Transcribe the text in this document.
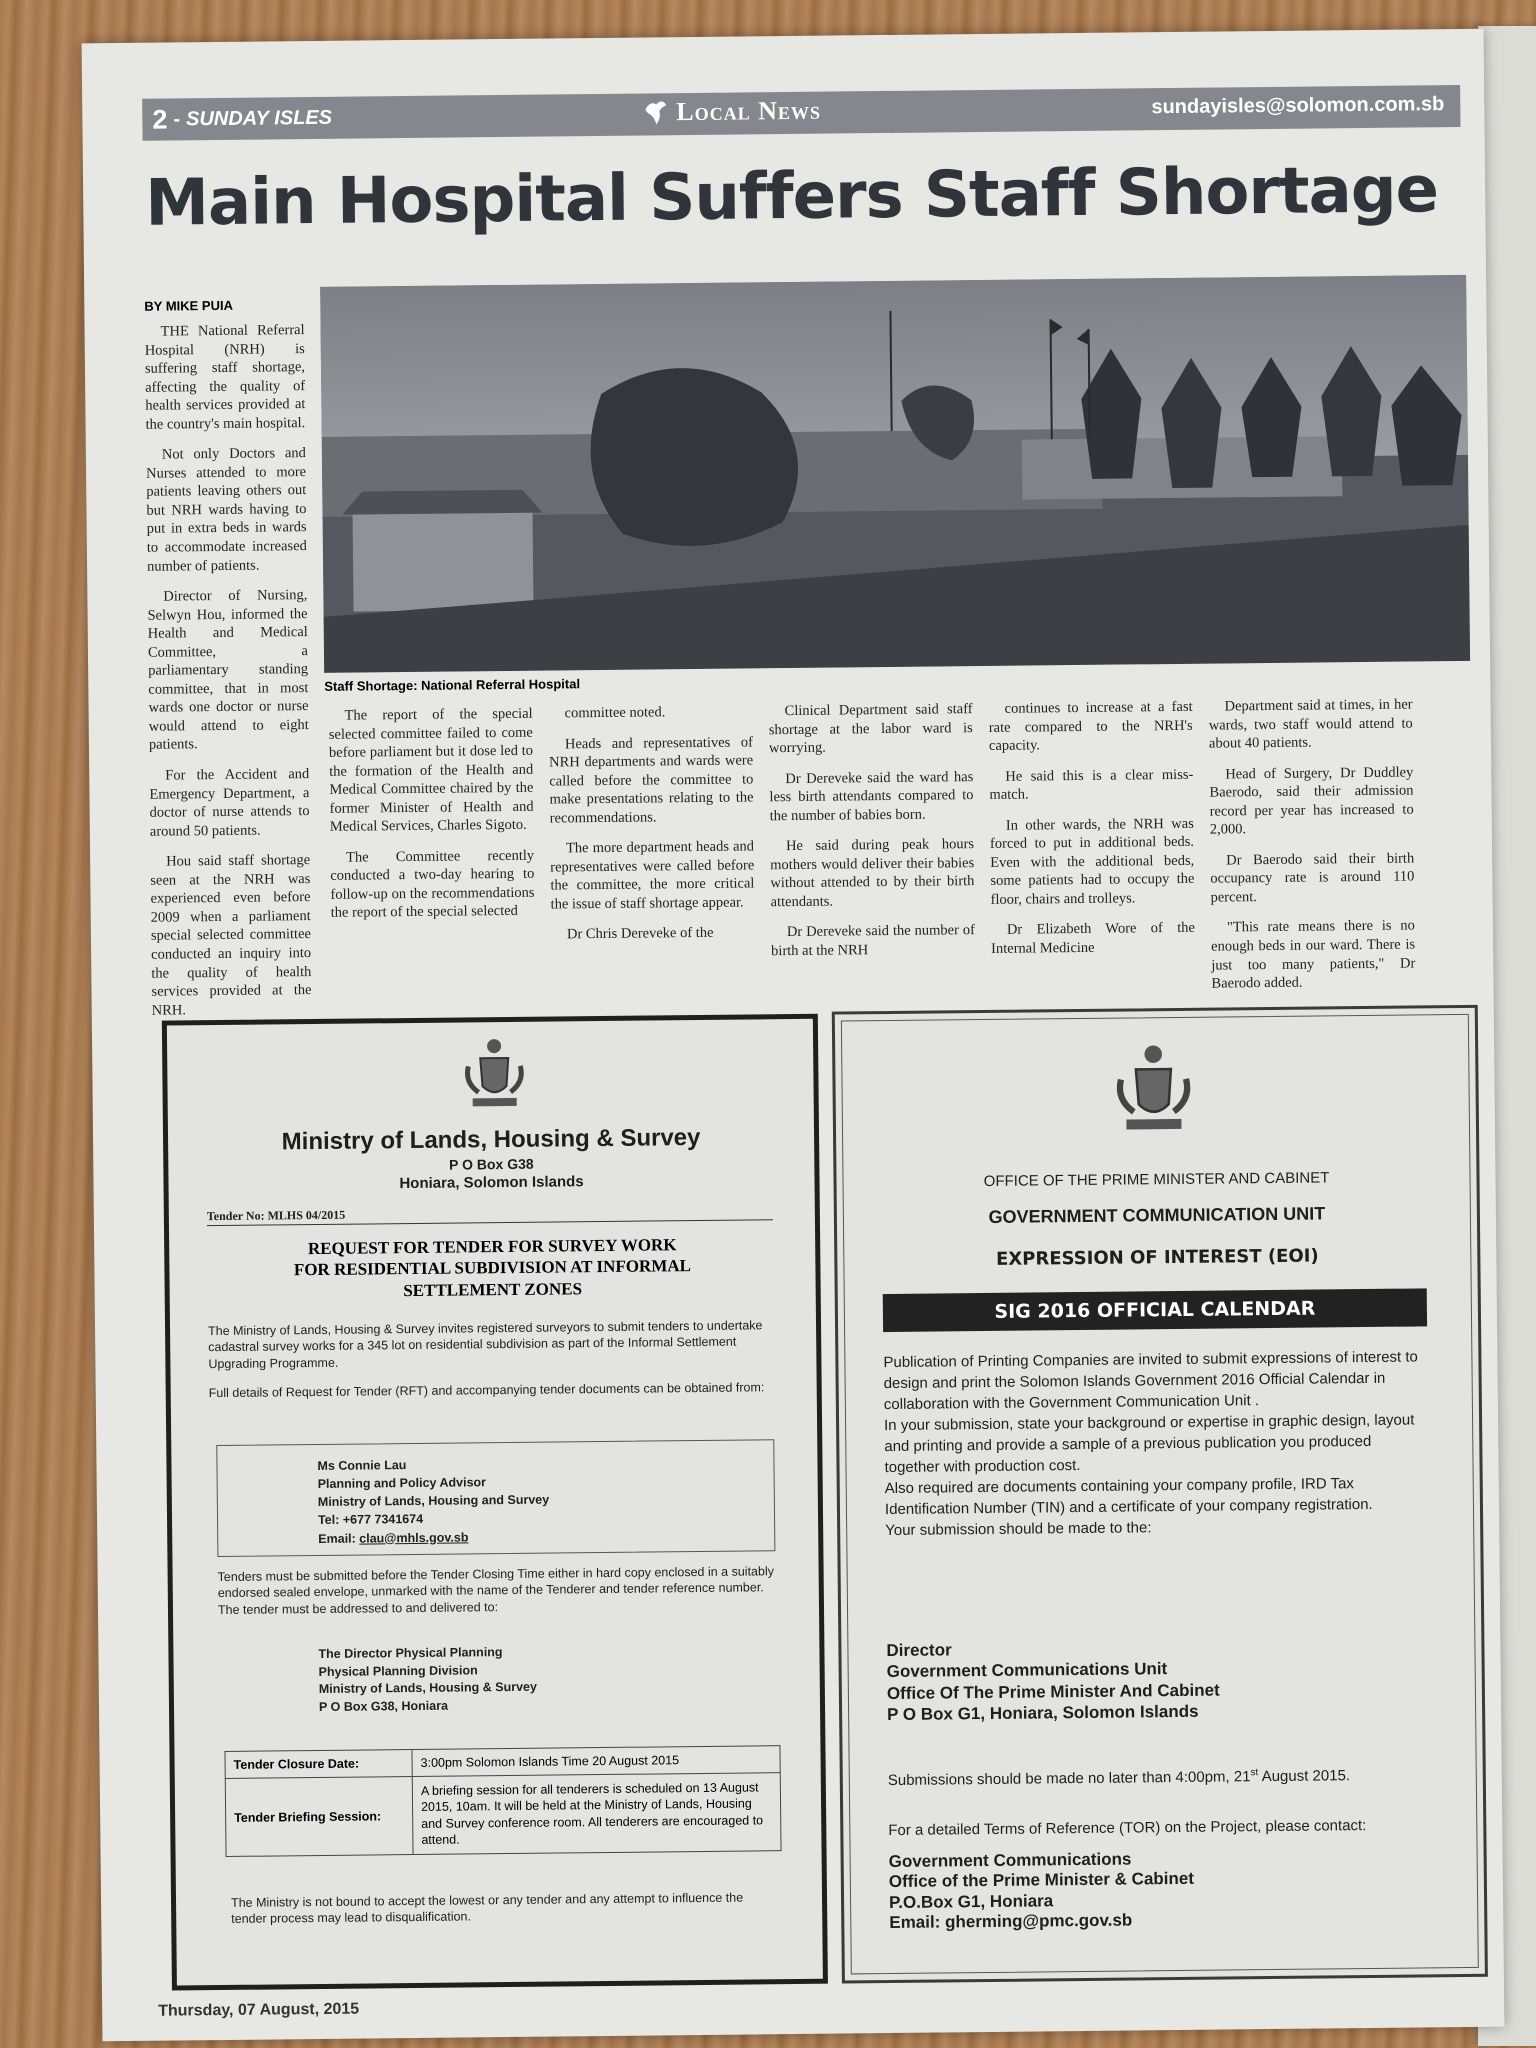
2 - SUNDAY ISLES	Local News	sundayisles@solomon.com.sb
Main Hospital Suffers Staff Shortage
BY MIKE PUIA

THE National Referral Hospital (NRH) is suffering staff shortage, affecting the quality of health services provided at the country's main hospital.

Not only Doctors and Nurses attended to more patients leaving others out but NRH wards having to put in extra beds in wards to accommodate increased number of patients.

Director of Nursing, Selwyn Hou, informed the Health and Medical Committee, a parliamentary standing committee, that in most wards one doctor or nurse would attend to eight patients.

For the Accident and Emergency Department, a doctor of nurse attends to around 50 patients.

Hou said staff shortage seen at the NRH was experienced even before 2009 when a parliament special selected committee conducted an inquiry into the quality of health services provided at the NRH.

Staff Shortage: National Referral Hospital

The report of the special selected committee failed to come before parliament but it dose led to the formation of the Health and Medical Committee chaired by the former Minister of Health and Medical Services, Charles Sigoto.

The Committee recently conducted a two-day hearing to follow-up on the recommendations the report of the special selected

committee noted.

Heads and representatives of NRH departments and wards were called before the committee to make presentations relating to the recommendations.

The more department heads and representatives were called before the committee, the more critical the issue of staff shortage appear.

Dr Chris Dereveke of the

Clinical Department said staff shortage at the labor ward is worrying.

Dr Dereveke said the ward has less birth attendants compared to the number of babies born.

He said during peak hours mothers would deliver their babies without attended to by their birth attendants.

Dr Dereveke said the number of birth at the NRH

continues to increase at a fast rate compared to the NRH's capacity.

He said this is a clear miss-match.

In other wards, the NRH was forced to put in additional beds. Even with the additional beds, some patients had to occupy the floor, chairs and trolleys.

Dr Elizabeth Wore of the Internal Medicine

Department said at times, in her wards, two staff would attend to about 40 patients.

Head of Surgery, Dr Duddley Baerodo, said their admission record per year has increased to 2,000.

Dr Baerodo said their birth occupancy rate is around 110 percent.

"This rate means there is no enough beds in our ward. There is just too many patients," Dr Baerodo added.

Ministry of Lands, Housing & Survey
P O Box G38
Honiara, Solomon Islands
Tender No: MLHS 04/2015
REQUEST FOR TENDER FOR SURVEY WORK
FOR RESIDENTIAL SUBDIVISION AT INFORMAL
SETTLEMENT ZONES
The Ministry of Lands, Housing & Survey invites registered surveyors to submit tenders to undertake cadastral survey works for a 345 lot on residential subdivision as part of the Informal Settlement Upgrading Programme.
Full details of Request for Tender (RFT) and accompanying tender documents can be obtained from:
Ms Connie Lau
Planning and Policy Advisor
Ministry of Lands, Housing and Survey
Tel: +677 7341674
Email: clau@mhls.gov.sb
Tenders must be submitted before the Tender Closing Time either in hard copy enclosed in a suitably endorsed sealed envelope, unmarked with the name of the Tenderer and tender reference number. The tender must be addressed to and delivered to:
The Director Physical Planning
Physical Planning Division
Ministry of Lands, Housing & Survey
P O Box G38, Honiara
Tender Closure Date:	3:00pm Solomon Islands Time 20 August 2015
Tender Briefing Session:	A briefing session for all tenderers is scheduled on 13 August 2015, 10am. It will be held at the Ministry of Lands, Housing and Survey conference room. All tenderers are encouraged to attend.
The Ministry is not bound to accept the lowest or any tender and any attempt to influence the tender process may lead to disqualification.
OFFICE OF THE PRIME MINISTER AND CABINET
GOVERNMENT COMMUNICATION UNIT
EXPRESSION OF INTEREST (EOI)
SIG 2016 OFFICIAL CALENDAR
Publication of Printing Companies are invited to submit expressions of interest to design and print the Solomon Islands Government 2016 Official Calendar in collaboration with the Government Communication Unit .
In your submission, state your background or expertise in graphic design, layout and printing and provide a sample of a previous publication you produced together with production cost.
Also required are documents containing your company profile, IRD Tax Identification Number (TIN) and a certificate of your company registration.
Your submission should be made to the:
Director
Government Communications Unit
Office Of The Prime Minister And Cabinet
P O Box G1, Honiara, Solomon Islands
Submissions should be made no later than 4:00pm, 21st August 2015.
For a detailed Terms of Reference (TOR) on the Project, please contact:
Government Communications
Office of the Prime Minister & Cabinet
P.O.Box G1, Honiara
Email: gherming@pmc.gov.sb
Thursday, 07 August, 2015
